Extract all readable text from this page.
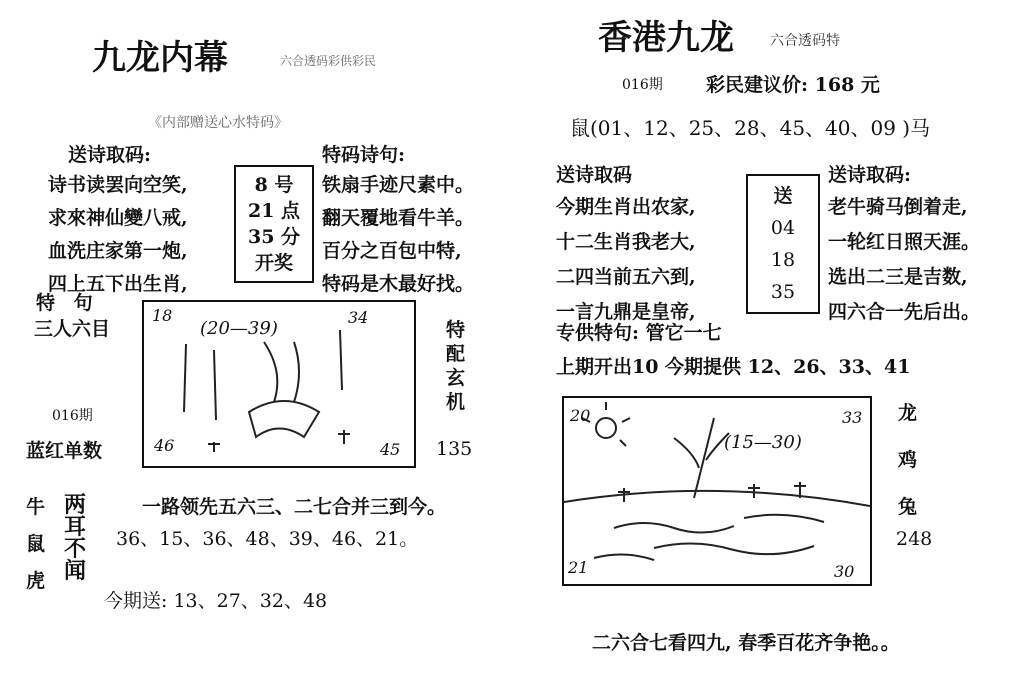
九龙内幕	六合透码彩供彩民
《内部赠送心水特码》
送诗取码:
诗书读罢向空笑,
求來神仙變八戒,
血洗庄家第一炮,
四上五下出生肖,
8 号
21 点
35 分
开奖
特码诗句:
铁扇手迹尺素中。
翻天覆地看牛羊。
百分之百包中特,
特码是木最好找。
特 句
三人六目
016期
蓝红单数
18
(20—39)
34
46	45
特配玄机
135
牛
鼠
虎
两耳不闻
一路领先五六三、二七合并三到今。
36、15、36、48、39、46、21。
今期送: 13、27、32、48
香港九龙	六合透码特
016期 彩民建议价: 168 元
鼠(01、12、25、28、45、40、09 )马
送诗取码
今期生肖出农家,
十二生肖我老大,
二四当前五六到,
一言九鼎是皇帝,
送
04
18
35
送诗取码:
老牛骑马倒着走,
一轮红日照天涯。
选出二三是吉数,
四六合一先后出。
专供特句: 管它一七
上期开出10 今期提供 12、26、33、41
20
(15—30)
33
21	30
龙
鸡
兔
248
二六合七看四九, 春季百花齐争艳。。
